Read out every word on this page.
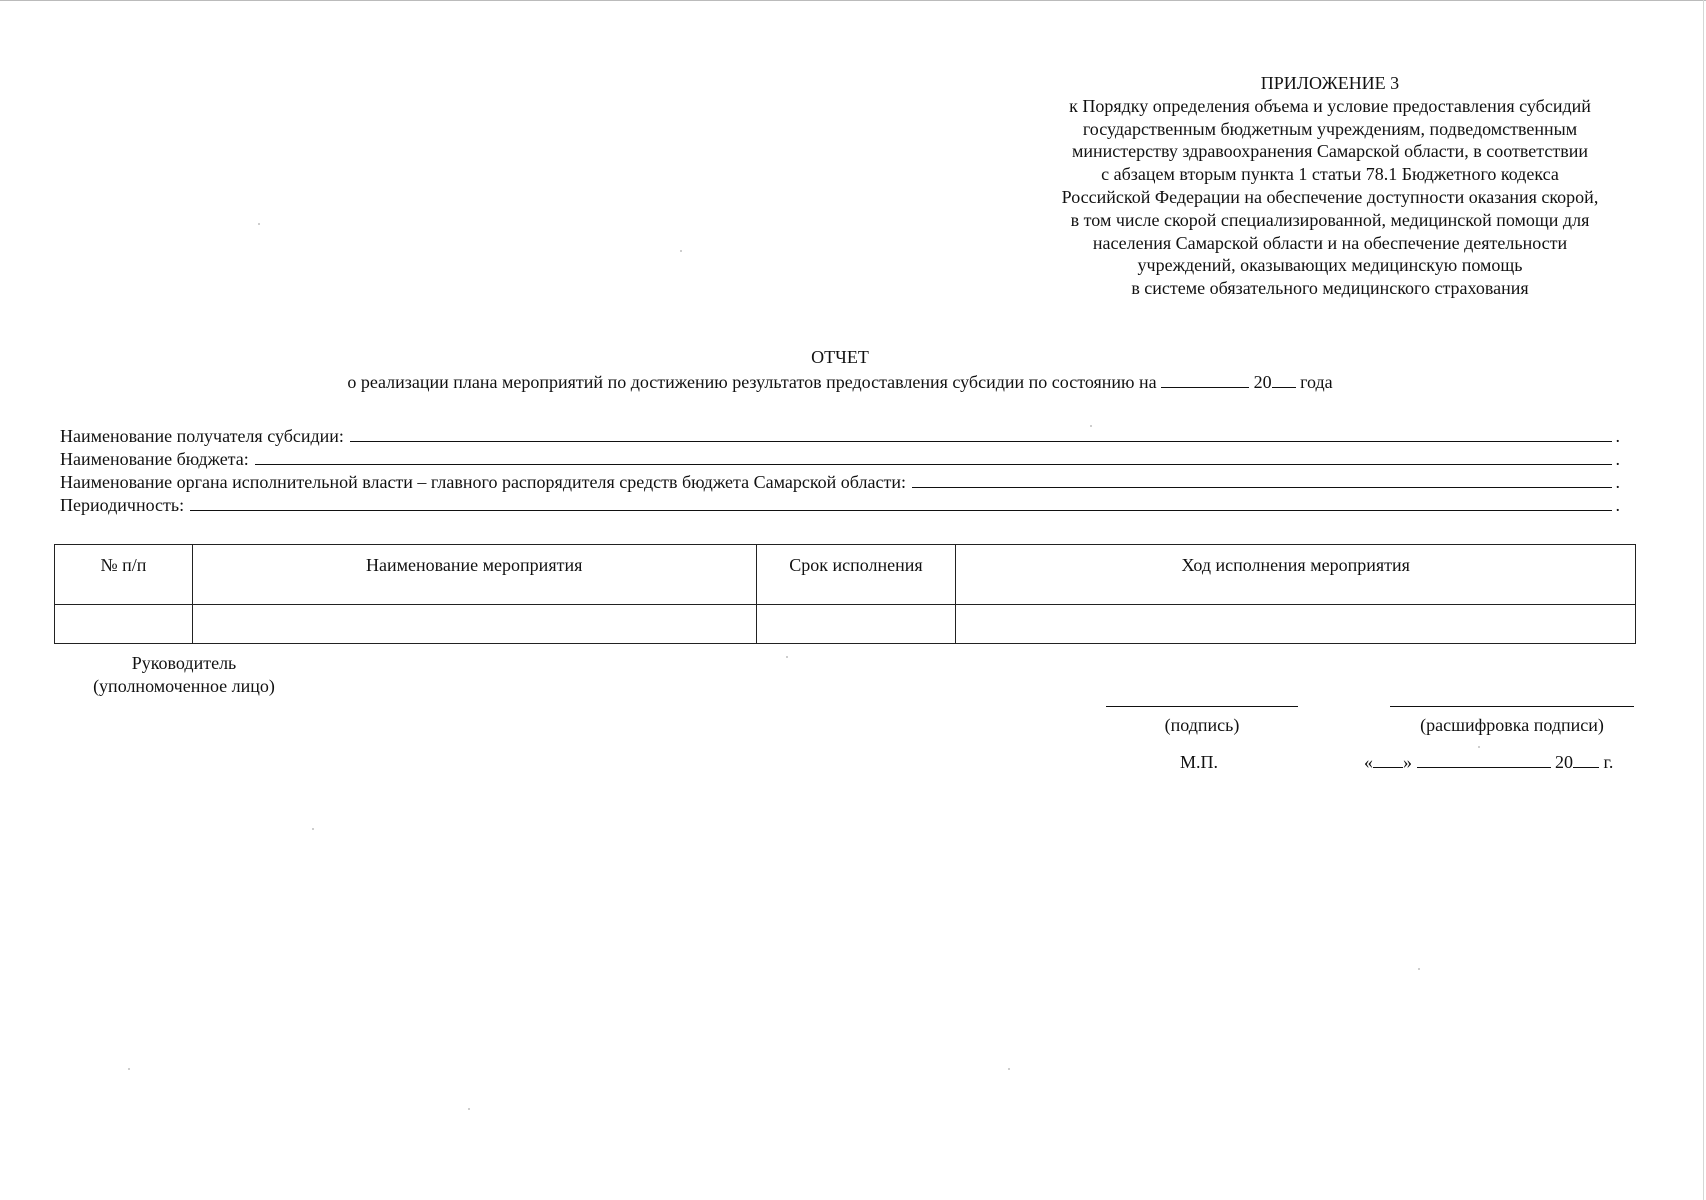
ПРИЛОЖЕНИЕ 3
к Порядку определения объема и условие предоставления субсидий
государственным бюджетным учреждениям, подведомственным
министерству здравоохранения Самарской области, в соответствии
с абзацем вторым пункта 1 статьи 78.1 Бюджетного кодекса
Российской Федерации на обеспечение доступности оказания скорой,
в том числе скорой специализированной, медицинской помощи для
населения Самарской области и на обеспечение деятельности
учреждений, оказывающих медицинскую помощь
в системе обязательного медицинского страхования
ОТЧЕТ
о реализации плана мероприятий по достижению результатов предоставления субсидии по состоянию на	20 года
Наименование получателя субсидии:	.
Наименование бюджета:	.
Наименование органа исполнительной власти – главного распорядителя средств бюджета Самарской области:	.
Периодичность:	.
№ п/п	Наименование мероприятия	Срок исполнения	Ход исполнения мероприятия

Руководитель
(уполномоченное лицо)
(подпись)	(расшифровка подписи)
М.П.	« »	20 г.
